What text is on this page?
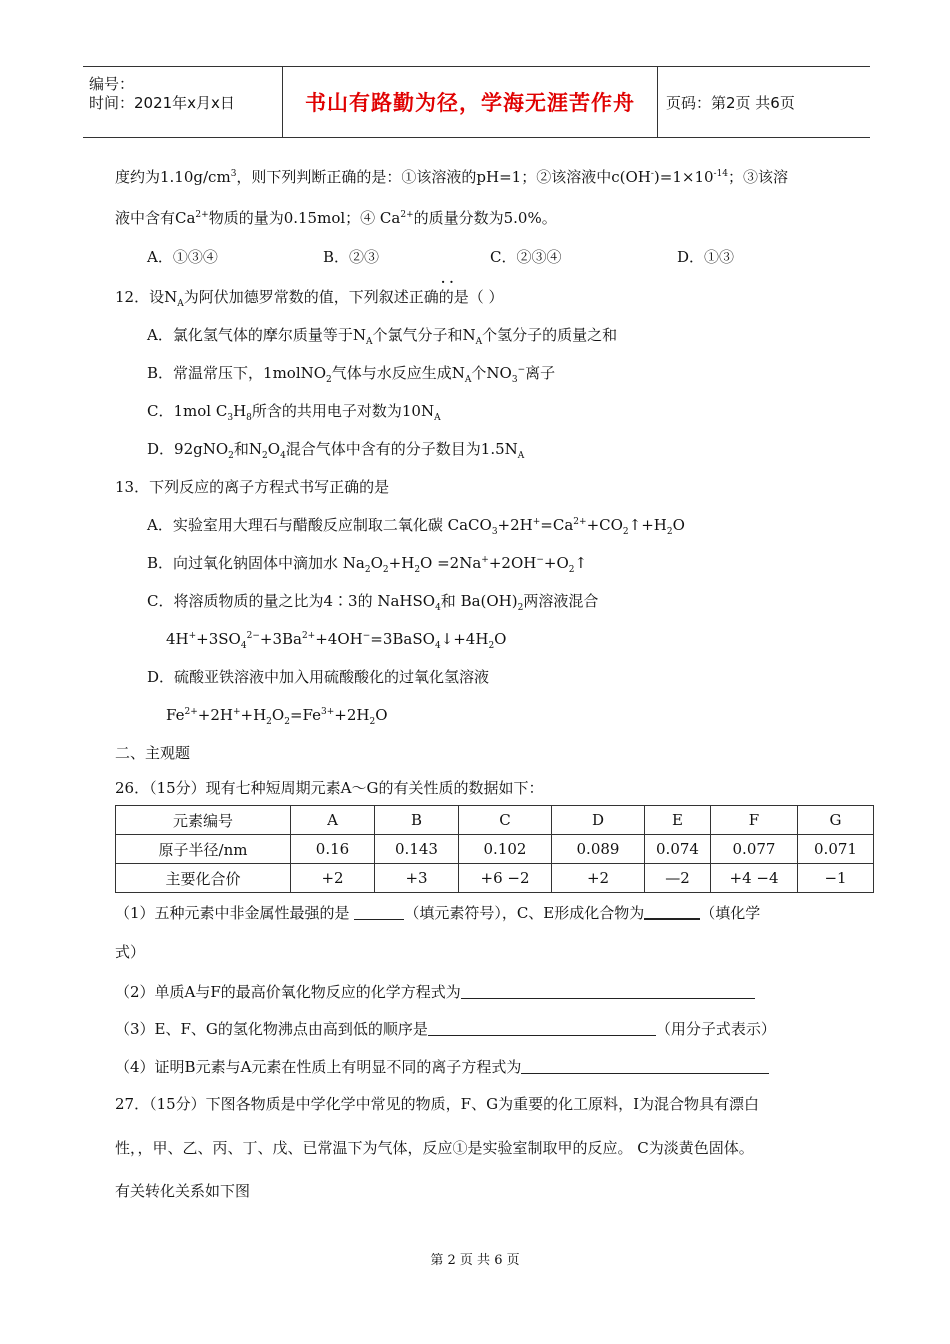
编号：
时间：2021年x月x日	书山有路勤为径，学海无涯苦作舟	页码：第2页 共6页
度约为$1.10g/cm^3$，则下列判断正确的是：①该溶液的pH=1；②该溶液中$c(OH^-)=1\times 10^{-14}$；③该溶
液中含有$Ca^{2+}$物质的量为0.15mol；④ $Ca^{2+}$的质量分数为5.0%。
A．①③④	B．②③	C．②③④	D．①③
· ·
12．设$N_A$为阿伏加德罗常数的值，下列叙述正确的是（ ）
A．氯化氢气体的摩尔质量等于$N_A$个氯气分子和$N_A$个氢分子的质量之和
B．常温常压下，1molNO$_2$气体与水反应生成$N_A$个$NO_3^-$离子
C．1mol $C_3H_8$所含的共用电子对数为$10N_A$
D．92gNO$_2$和$N_2O_4$混合气体中含有的分子数目为$1.5N_A$
13．下列反应的离子方程式书写正确的是
A．实验室用大理石与醋酸反应制取二氧化碳 $CaCO_3+2H^+=Ca^{2+}+CO_2↑+H_2O$
B．向过氧化钠固体中滴加水 $Na_2O_2+H_2O$ $=2Na^++2OH^-+O_2↑$
C．将溶质物质的量之比为4∶3的 NaHSO$_4$和 $Ba(OH)_2$两溶液混合
$4H^++3SO_4^{2-}+3Ba^{2+}+4OH^-=3BaSO_4↓+4H_2O$
D．硫酸亚铁溶液中加入用硫酸酸化的过氧化氢溶液
$Fe^{2+}+2H^++H_2O_2=Fe^{3+}+2H_2O$
二、主观题
26．（15分）现有七种短周期元素A～G的有关性质的数据如下：
元素编号	A	B	C	D	E	F	G
原子半径/nm	0.16	0.143	0.102	0.089	0.074	0.077	0.071
主要化合价	+2	+3	+6 −2	+2	—2	+4 −4	−1
（1）五种元素中非金属性最强的是	（填元素符号），C、E形成化合物为	（填化学
式）
（2）单质A与F的最高价氧化物反应的化学方程式为
（3）E、F、G的氢化物沸点由高到低的顺序是	（用分子式表示）
（4）证明B元素与A元素在性质上有明显不同的离子方程式为
27．（15分）下图各物质是中学化学中常见的物质，F、G为重要的化工原料，I为混合物具有漂白
性，，甲、乙、丙、丁、戊、已常温下为气体，反应①是实验室制取甲的反应。 C为淡黄色固体。
有关转化关系如下图
第 2 页 共 6 页
